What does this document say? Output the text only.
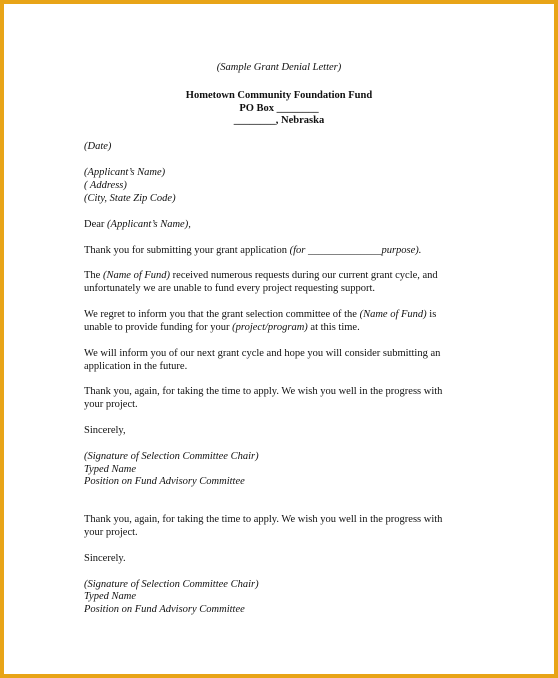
(Sample Grant Denial Letter)

Hometown Community Foundation Fund

PO Box ________

________, Nebraska

(Date)

(Applicant’s Name)

( Address)

(City, State Zip Code)

Dear (Applicant’s Name),

Thank you for submitting your grant application (for ______________purpose).

The (Name of Fund) received numerous requests during our current grant cycle, and

unfortunately we are unable to fund every project requesting support.

We regret to inform you that the grant selection committee of the (Name of Fund) is

unable to provide funding for your (project/program) at this time.

We will inform you of our next grant cycle and hope you will consider submitting an

application in the future.

Thank you, again, for taking the time to apply. We wish you well in the progress with

your project.

Sincerely,

(Signature of Selection Committee Chair)

Typed Name

Position on Fund Advisory Committee

Thank you, again, for taking the time to apply. We wish you well in the progress with

your project.

Sincerely.

(Signature of Selection Committee Chair)

Typed Name

Position on Fund Advisory Committee
